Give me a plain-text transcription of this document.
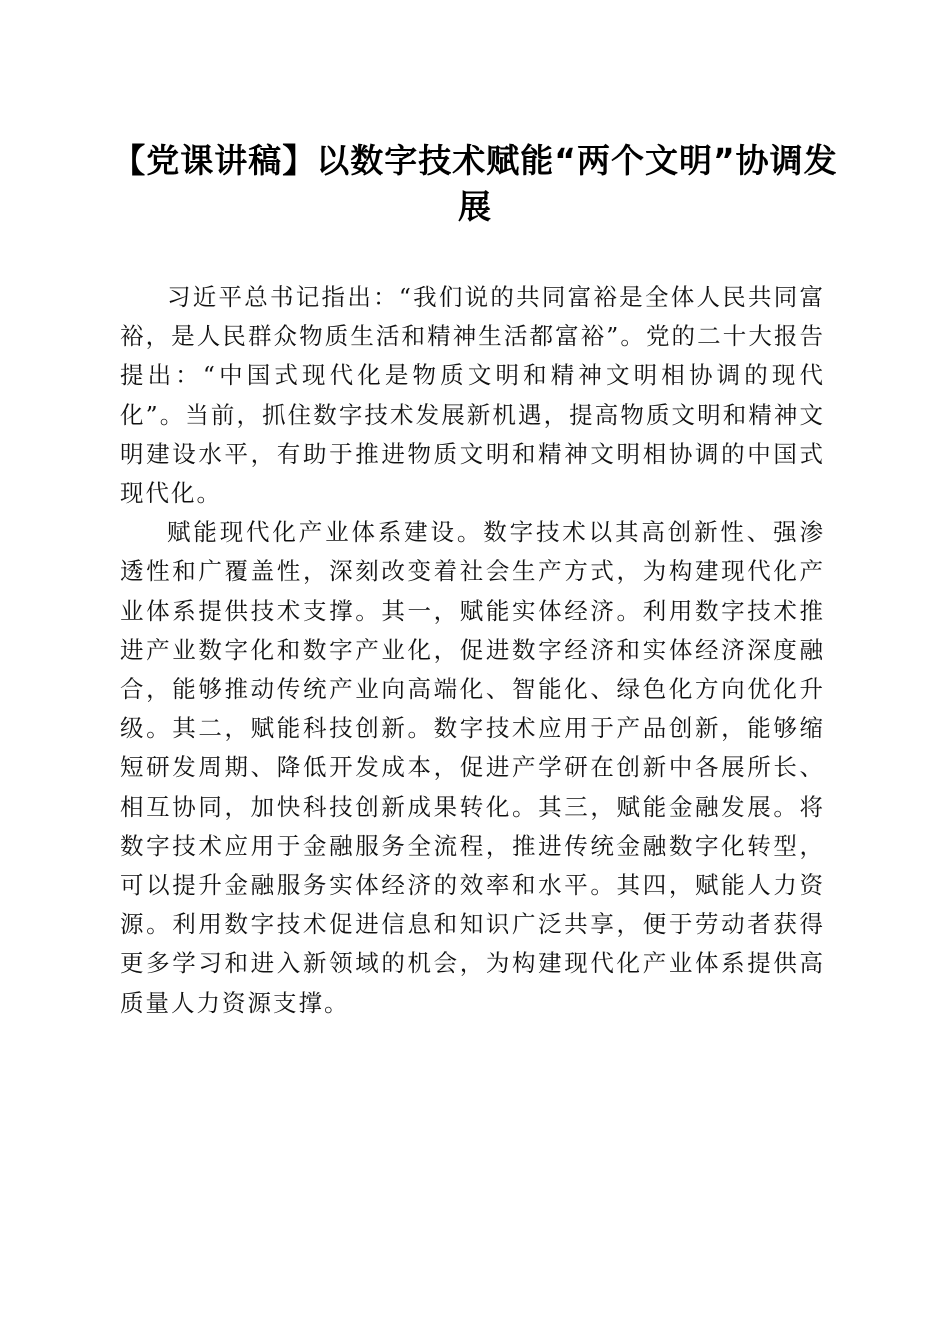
【党课讲稿】以数字技术赋能“两个文明”协调发展

习近平总书记指出：“我们说的共同富裕是全体人民共同富裕，是人民群众物质生活和精神生活都富裕”。党的二十大报告提出：“中国式现代化是物质文明和精神文明相协调的现代化”。当前，抓住数字技术发展新机遇，提高物质文明和精神文明建设水平，有助于推进物质文明和精神文明相协调的中国式现代化。

赋能现代化产业体系建设。数字技术以其高创新性、强渗透性和广覆盖性，深刻改变着社会生产方式，为构建现代化产业体系提供技术支撑。其一，赋能实体经济。利用数字技术推进产业数字化和数字产业化，促进数字经济和实体经济深度融合，能够推动传统产业向高端化、智能化、绿色化方向优化升级。其二，赋能科技创新。数字技术应用于产品创新，能够缩短研发周期、降低开发成本，促进产学研在创新中各展所长、相互协同，加快科技创新成果转化。其三，赋能金融发展。将数字技术应用于金融服务全流程，推进传统金融数字化转型，可以提升金融服务实体经济的效率和水平。其四，赋能人力资源。利用数字技术促进信息和知识广泛共享，便于劳动者获得更多学习和进入新领域的机会，为构建现代化产业体系提供高质量人力资源支撑。
